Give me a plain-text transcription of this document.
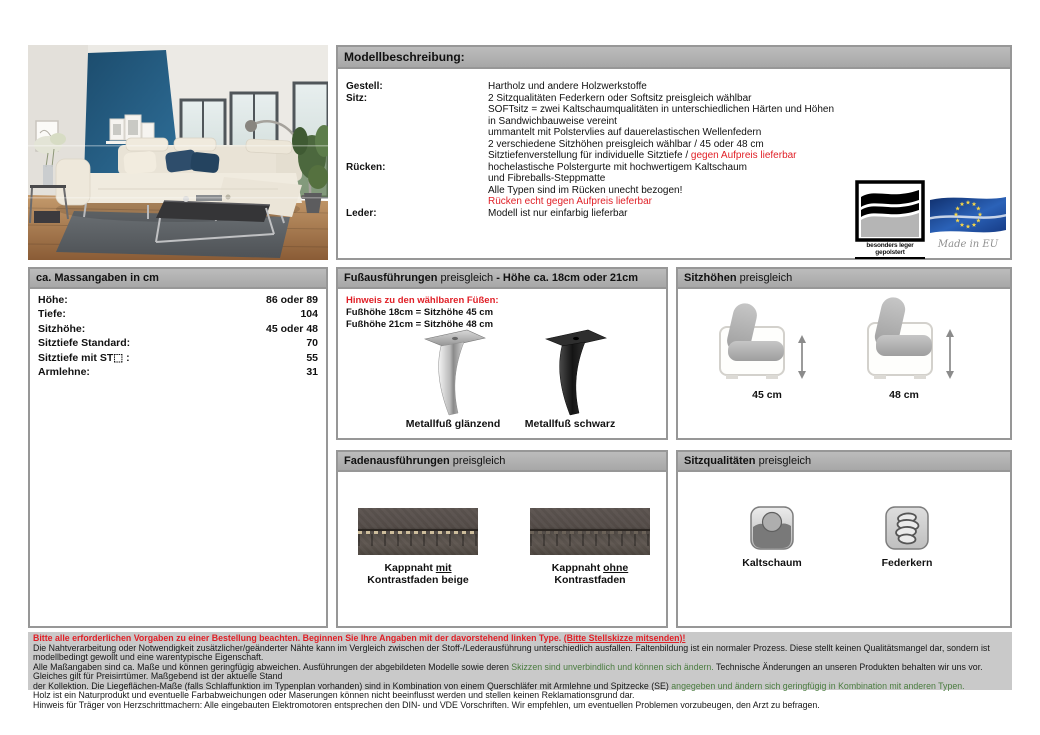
Modellbeschreibung:
Gestell:	Hartholz und andere Holzwerkstoffe
Sitz:	2 Sitzqualitäten Federkern oder Softsitz preisgleich wählbar
SOFTsitz = zwei Kaltschaumqualitäten in unterschiedlichen Härten und Höhen
in Sandwichbauweise vereint
ummantelt mit Polstervlies auf dauerelastischen Wellenfedern
2 verschiedene Sitzhöhen preisgleich wählbar / 45 oder 48 cm
Sitztiefenverstellung für individuelle Sitztiefe / gegen Aufpreis lieferbar
Rücken:	hochelastische Polstergurte mit hochwertigem Kaltschaum
und Fibreballs-Steppmatte
Alle Typen sind im Rücken unecht bezogen!
Rücken echt gegen Aufpreis lieferbar
Leder:	Modell ist nur einfarbig lieferbar
besonders leger gepolstert
Made in EU
ca. Massangaben in cm
Höhe:	86 oder 89
Tiefe:	104
Sitzhöhe:	45 oder 48
Sitztiefe Standard:	70
Sitztiefe mit ST⬚ :	55
Armlehne:	31
Fußausführungen preisgleich - Höhe ca. 18cm oder 21cm
Hinweis zu den wählbaren Füßen:
Fußhöhe 18cm = Sitzhöhe 45 cm
Fußhöhe 21cm = Sitzhöhe 48 cm
Metallfuß glänzend	Metallfuß schwarz
Sitzhöhen preisgleich
45 cm	48 cm
Fadenausführungen preisgleich
Kappnaht mit
Kontrastfaden beige
Kappnaht ohne
Kontrastfaden
Sitzqualitäten preisgleich
Kaltschaum	Federkern
Bitte alle erforderlichen Vorgaben zu einer Bestellung beachten. Beginnen Sie Ihre Angaben mit der davorstehend linken Type. (Bitte Stellskizze mitsenden)!
Die Nahtverarbeitung oder Notwendigkeit zusätzlicher/geänderter Nähte kann im Vergleich zwischen der Stoff-/Lederausführung unterschiedlich ausfallen. Faltenbildung ist ein normaler Prozess. Diese stellt keinen Qualitätsmangel dar, sondern ist modellbedingt gewollt und eine warentypische Eigenschaft.
Alle Maßangaben sind ca. Maße und können geringfügig abweichen. Ausführungen der abgebildeten Modelle sowie deren Skizzen sind unverbindlich und können sich ändern. Technische Änderungen an unseren Produkten behalten wir uns vor. Gleiches gilt für Preisirrtümer. Maßgebend ist der aktuelle Stand
der Kollektion. Die Liegeflächen-Maße (falls Schlaffunktion im Typenplan vorhanden) sind in Kombination von einem Querschläfer mit Armlehne und Spitzecke (SE) angegeben und ändern sich geringfügig in Kombination mit anderen Typen.
Holz ist ein Naturprodukt und eventuelle Farbabweichungen oder Maserungen können nicht beeinflusst werden und stellen keinen Reklamationsgrund dar.
Hinweis für Träger von Herzschrittmachern: Alle eingebauten Elektromotoren entsprechen den DIN- und VDE Vorschriften. Wir empfehlen, um eventuellen Problemen vorzubeugen, den Arzt zu befragen.
